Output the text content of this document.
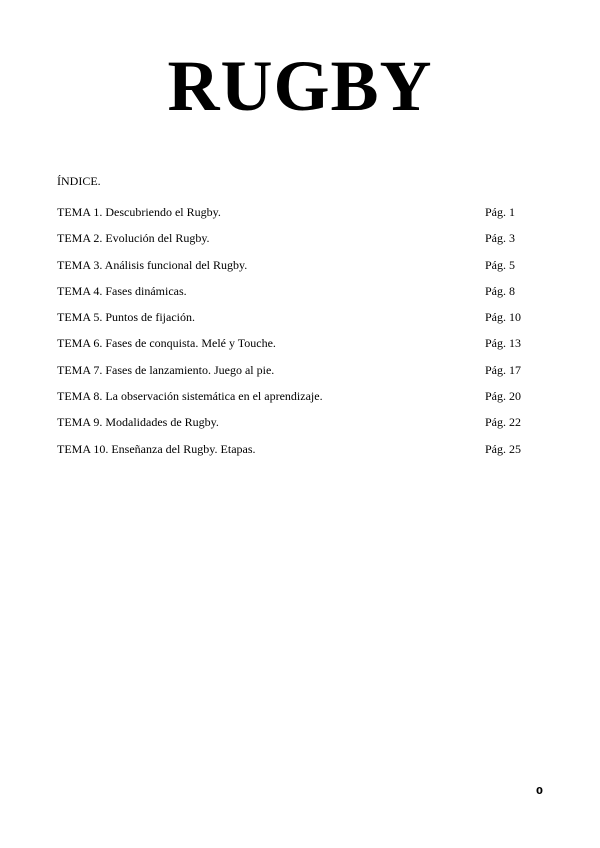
RUGBY

ÍNDICE.

TEMA 1. Descubriendo el Rugby.	Pág. 1
TEMA 2. Evolución del Rugby.	Pág. 3
TEMA 3. Análisis funcional del Rugby.	Pág. 5
TEMA 4. Fases dinámicas.	Pág. 8
TEMA 5. Puntos de fijación.	Pág. 10
TEMA 6. Fases de conquista. Melé y Touche.	Pág. 13
TEMA 7. Fases de lanzamiento. Juego al pie.	Pág. 17
TEMA 8. La observación sistemática en el aprendizaje.	Pág. 20
TEMA 9. Modalidades de Rugby.	Pág. 22
TEMA 10. Enseñanza del Rugby. Etapas.	Pág. 25
0
